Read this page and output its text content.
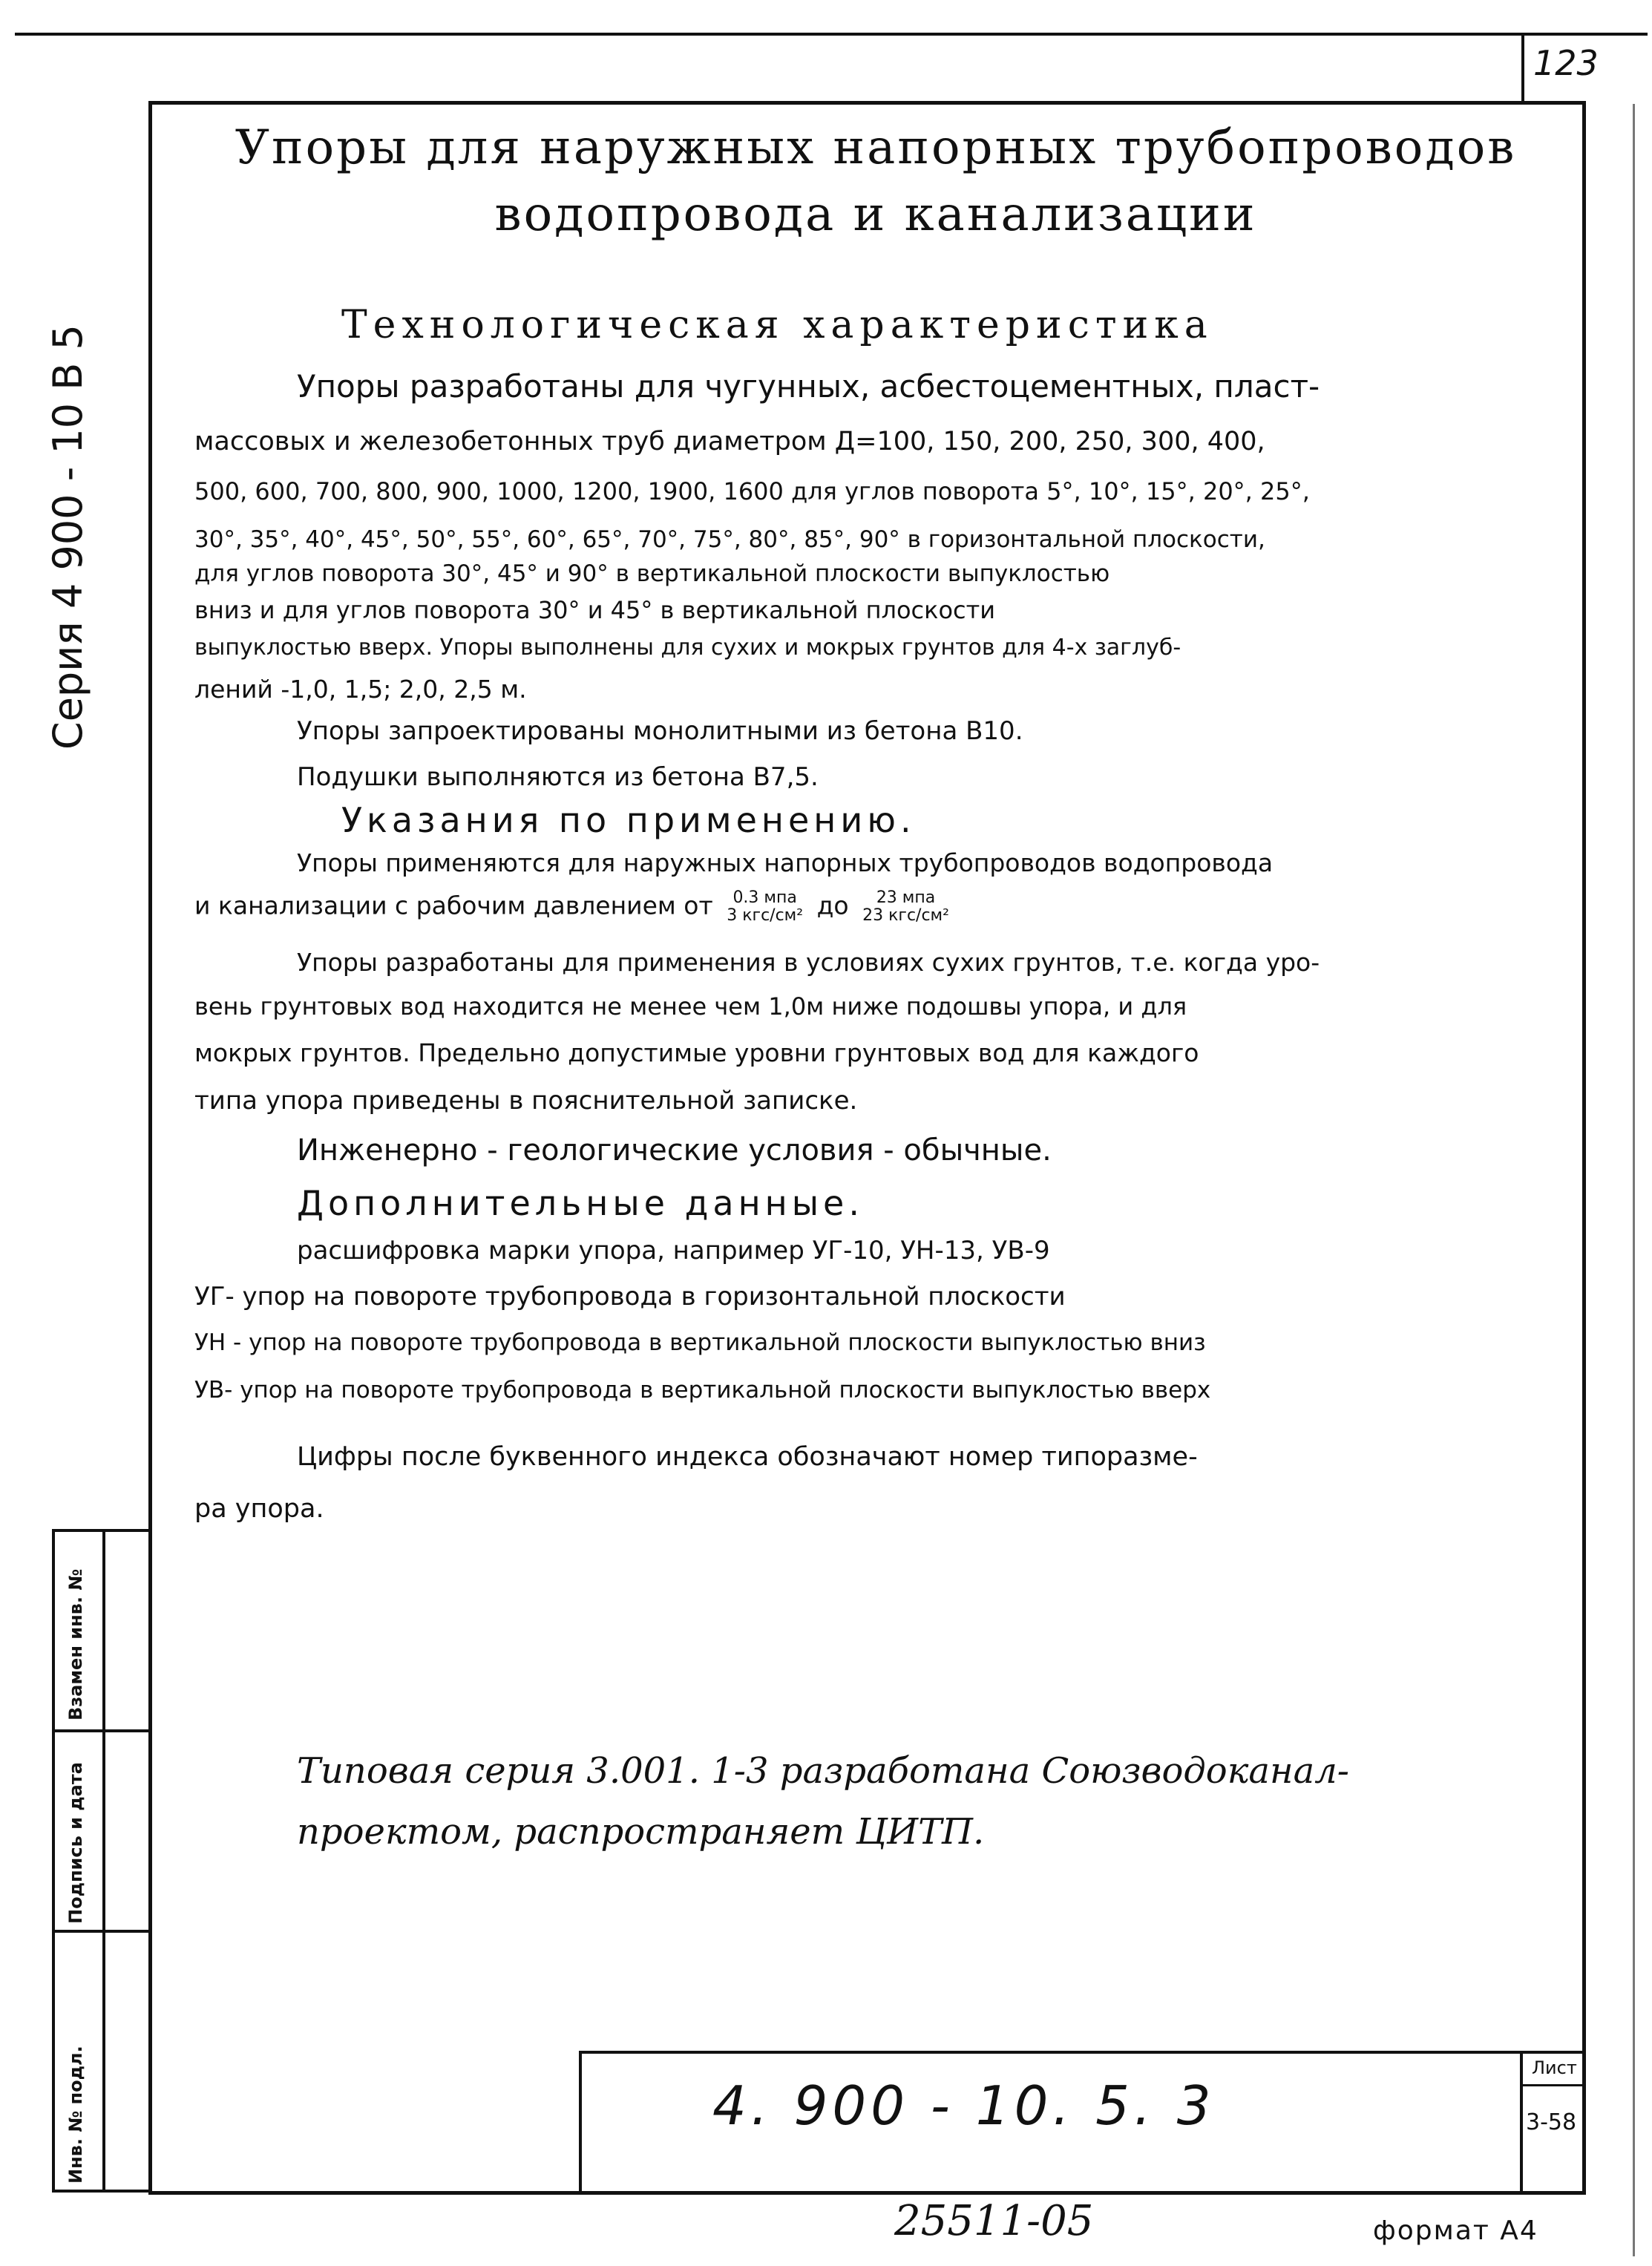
123
Серия 4 900 - 10 В 5
Взамен инв. №
Подпись и дата
Инв. № подл.
Упоры для наружных напорных трубопроводов
водопровода и канализации
Технологическая характеристика
Упоры разработаны для чугунных, асбестоцементных, пласт-
массовых и железобетонных труб диаметром Д=100, 150, 200, 250, 300, 400,
500, 600, 700, 800, 900, 1000, 1200, 1900, 1600 для углов поворота 5°, 10°, 15°, 20°, 25°,
30°, 35°, 40°, 45°, 50°, 55°, 60°, 65°, 70°, 75°, 80°, 85°, 90° в горизонтальной плоскости,
для углов поворота 30°, 45° и 90° в вертикальной плоскости выпуклостью
вниз и для углов поворота 30° и 45° в вертикальной плоскости
выпуклостью вверх. Упоры выполнены для сухих и мокрых грунтов для 4-х заглуб-
лений -1,0, 1,5; 2,0, 2,5 м.
Упоры запроектированы монолитными из бетона В10.
Подушки выполняются из бетона В7,5.
Указания по применению.
Упоры применяются для наружных напорных трубопроводов водопровода
и канализации с рабочим давлением от	0.3 мпа
3 кгс/см² до	23 мпа
23 кгс/см²
Упоры разработаны для применения в условиях сухих грунтов, т.е. когда уро-
вень грунтовых вод находится не менее чем 1,0м ниже подошвы упора, и для
мокрых грунтов. Предельно допустимые уровни грунтовых вод для каждого
типа упора приведены в пояснительной записке.
Инженерно - геологические условия - обычные.
Дополнительные данные.
расшифровка марки упора, например УГ-10, УН-13, УВ-9
УГ- упор на повороте трубопровода в горизонтальной плоскости
УН - упор на повороте трубопровода в вертикальной плоскости выпуклостью вниз
УВ- упор на повороте трубопровода в вертикальной плоскости выпуклостью вверх
Цифры после буквенного индекса обозначают номер типоразме-
ра упора.
Типовая серия 3.001. 1-3 разработана Союзводоканал-
проектом, распространяет ЦИТП.
4. 900 - 10. 5. 3
Лист
3-58
25511-05	формат А4
